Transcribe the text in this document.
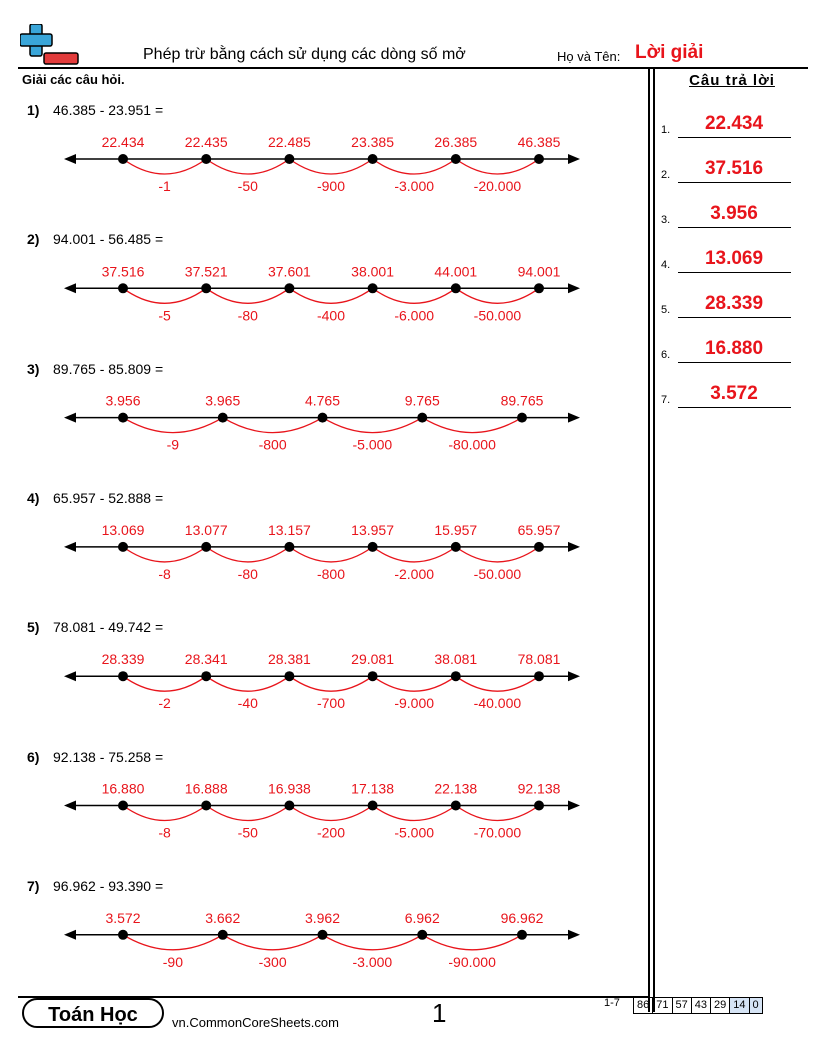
Phép trừ bằng cách sử dụng các dòng số mở	Họ và Tên: Lời giải
Giải các câu hỏi.	Câu trả lời
1.	22.434
2.	37.516
3.	3.956
4.	13.069
5.	28.339
6.	16.880
7.	3.572
1) 46.385 - 23.951 =
2) 94.001 - 56.485 =
3) 89.765 - 85.809 =
4) 65.957 - 52.888 =
5) 78.081 - 49.742 =
6) 92.138 - 75.258 =
7) 96.962 - 93.390 =
22.434	22.435	22.485	23.385	26.385	46.385
-1	-50	-900	-3.000	-20.000
37.516	37.521	37.601	38.001	44.001	94.001
-5	-80	-400	-6.000	-50.000
3.956	3.965	4.765	9.765	89.765
-9	-800	-5.000	-80.000
13.069	13.077	13.157	13.957	15.957	65.957
-8	-80	-800	-2.000	-50.000
28.339	28.341	28.381	29.081	38.081	78.081
-2	-40	-700	-9.000	-40.000
16.880	16.888	16.938	17.138	22.138	92.138
-8	-50	-200	-5.000	-70.000
3.572	3.662	3.962	6.962	96.962
-90	-300	-3.000	-90.000
Toán Học	vn.CommonCoreSheets.com	1	1-7 86 71 57 43 29 14 0
